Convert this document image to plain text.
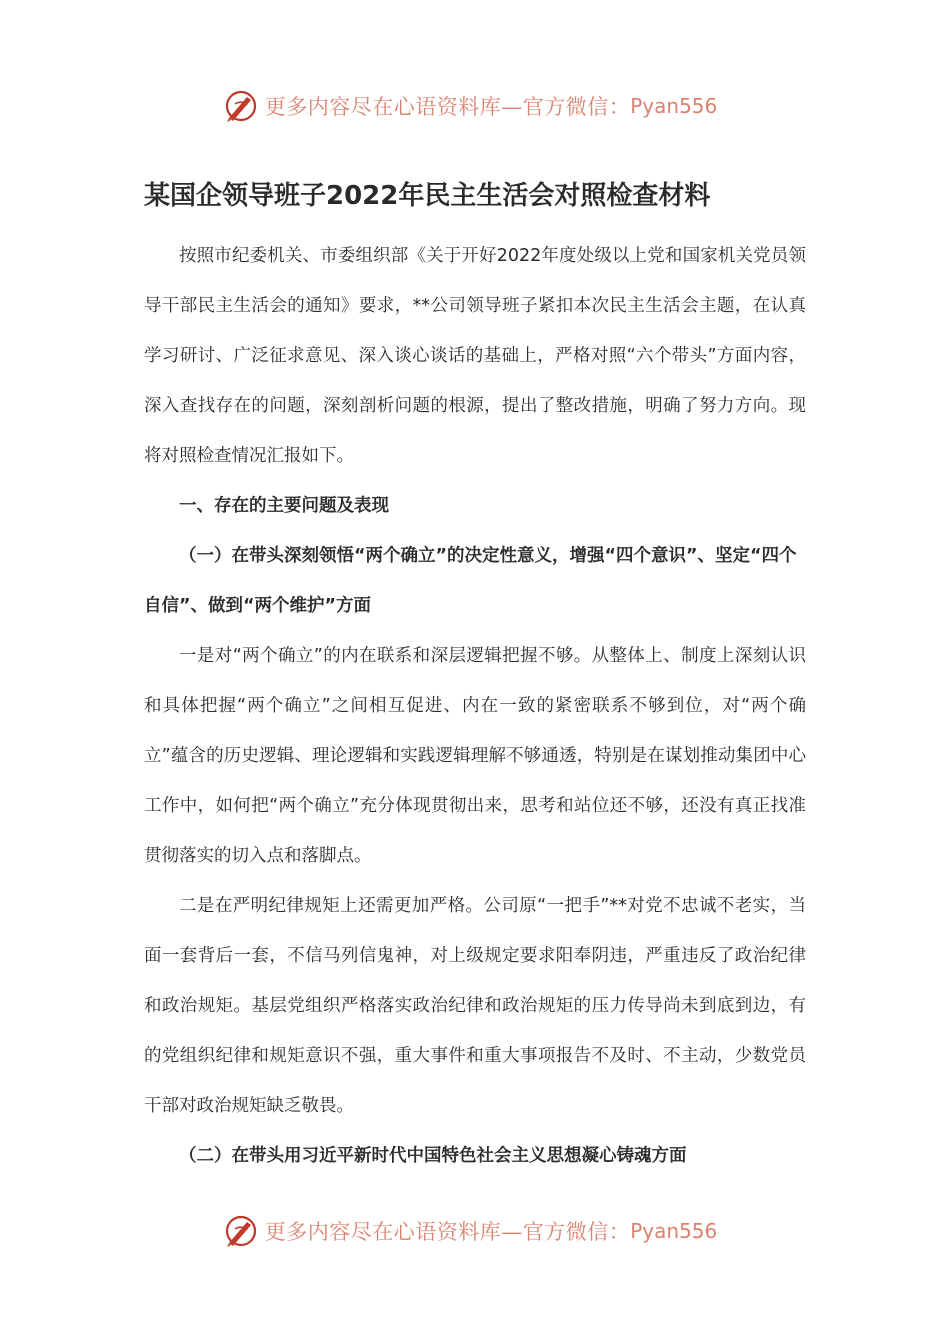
更多内容尽在心语资料库—官方微信： Pyan556
某国企领导班子2022年民主生活会对照检查材料

按照市纪委机关、市委组织部《关于开好2022年度处级以上党和国家机关党员领导干部民主生活会的通知》要求，**公司领导班子紧扣本次民主生活会主题，在认真学习研讨、广泛征求意见、深入谈心谈话的基础上，严格对照“六个带头”方面内容，深入查找存在的问题，深刻剖析问题的根源，提出了整改措施，明确了努力方向。现将对照检查情况汇报如下。

一、存在的主要问题及表现

（一）在带头深刻领悟“两个确立”的决定性意义，增强“四个意识”、坚定“四个自信”、做到“两个维护”方面

一是对“两个确立”的内在联系和深层逻辑把握不够。从整体上、制度上深刻认识和具体把握“两个确立”之间相互促进、内在一致的紧密联系不够到位，对“两个确立”蕴含的历史逻辑、理论逻辑和实践逻辑理解不够通透，特别是在谋划推动集团中心工作中，如何把“两个确立”充分体现贯彻出来，思考和站位还不够，还没有真正找准贯彻落实的切入点和落脚点。

二是在严明纪律规矩上还需更加严格。公司原“一把手”**对党不忠诚不老实，当面一套背后一套，不信马列信鬼神，对上级规定要求阳奉阴违，严重违反了政治纪律和政治规矩。基层党组织严格落实政治纪律和政治规矩的压力传导尚未到底到边，有的党组织纪律和规矩意识不强，重大事件和重大事项报告不及时、不主动，少数党员干部对政治规矩缺乏敬畏。

（二）在带头用习近平新时代中国特色社会主义思想凝心铸魂方面

更多内容尽在心语资料库—官方微信： Pyan556
